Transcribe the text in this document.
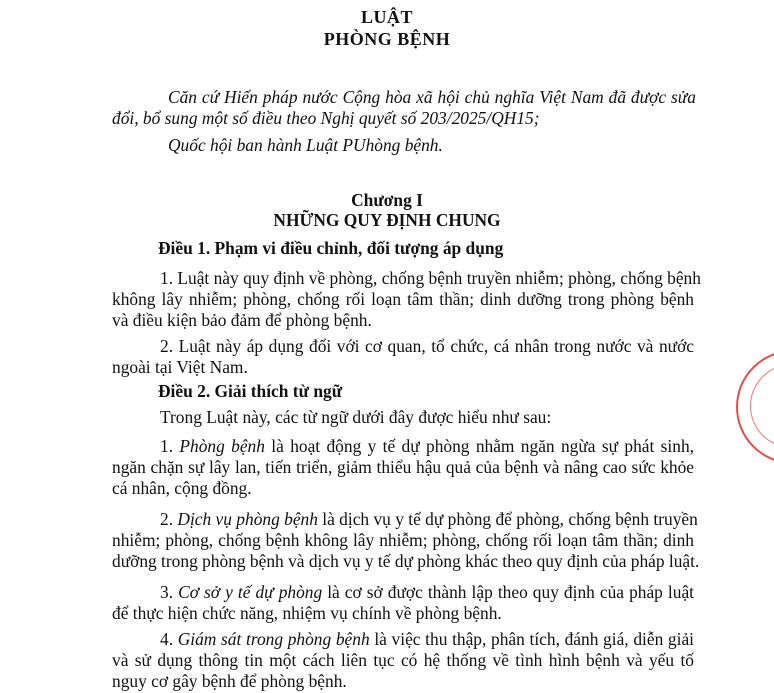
LUẬT

PHÒNG BỆNH

Căn cứ Hiến pháp nước Cộng hòa xã hội chủ nghĩa Việt Nam đã được sửa

đổi, bổ sung một số điều theo Nghị quyết số 203/2025/QH15;

Quốc hội ban hành Luật PUhòng bệnh.

Chương I

NHỮNG QUY ĐỊNH CHUNG

Điều 1. Phạm vi điều chỉnh, đối tượng áp dụng

1. Luật này quy định về phòng, chống bệnh truyền nhiễm; phòng, chống bệnh

không lây nhiễm; phòng, chống rối loạn tâm thần; dinh dưỡng trong phòng bệnh

và điều kiện bảo đảm để phòng bệnh.

2. Luật này áp dụng đối với cơ quan, tổ chức, cá nhân trong nước và nước

ngoài tại Việt Nam.

Điều 2. Giải thích từ ngữ

Trong Luật này, các từ ngữ dưới đây được hiểu như sau:

1. Phòng bệnh là hoạt động y tế dự phòng nhằm ngăn ngừa sự phát sinh,

ngăn chặn sự lây lan, tiến triển, giảm thiểu hậu quả của bệnh và nâng cao sức khỏe

cá nhân, cộng đồng.

2. Dịch vụ phòng bệnh là dịch vụ y tế dự phòng để phòng, chống bệnh truyền

nhiễm; phòng, chống bệnh không lây nhiễm; phòng, chống rối loạn tâm thần; dinh

dưỡng trong phòng bệnh và dịch vụ y tế dự phòng khác theo quy định của pháp luật.

3. Cơ sở y tế dự phòng là cơ sở được thành lập theo quy định của pháp luật

để thực hiện chức năng, nhiệm vụ chính về phòng bệnh.

4. Giám sát trong phòng bệnh là việc thu thập, phân tích, đánh giá, diễn giải

và sử dụng thông tin một cách liên tục có hệ thống về tình hình bệnh và yếu tố

nguy cơ gây bệnh để phòng bệnh.
